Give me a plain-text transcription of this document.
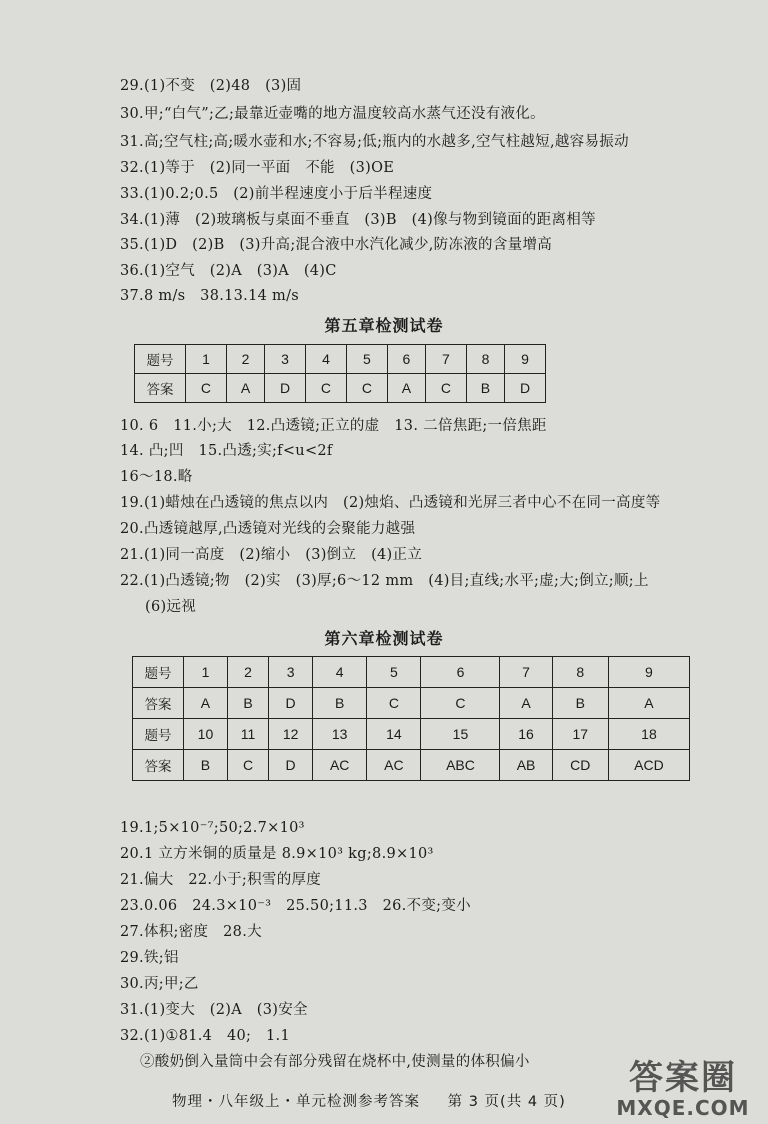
29.(1)不变　(2)48　(3)固
30.甲;“白气”;乙;最靠近壶嘴的地方温度较高水蒸气还没有液化。
31.高;空气柱;高;暖水壶和水;不容易;低;瓶内的水越多,空气柱越短,越容易振动
32.(1)等于　(2)同一平面　不能　(3)OE
33.(1)0.2;0.5　(2)前半程速度小于后半程速度
34.(1)薄　(2)玻璃板与桌面不垂直　(3)B　(4)像与物到镜面的距离相等
35.(1)D　(2)B　(3)升高;混合液中水汽化减少,防冻液的含量增高
36.(1)空气　(2)A　(3)A　(4)C
37.8 m/s　38.13.14 m/s
第五章检测试卷
题号	1	2	3	4	5	6	7	8	9
答案	C	A	D	C	C	A	C	B	D
10. 6　11.小;大　12.凸透镜;正立的虚　13. 二倍焦距;一倍焦距
14. 凸;凹　15.凸透;实;f<u<2f
16～18.略
19.(1)蜡烛在凸透镜的焦点以内　(2)烛焰、凸透镜和光屏三者中心不在同一高度等
20.凸透镜越厚,凸透镜对光线的会聚能力越强
21.(1)同一高度　(2)缩小　(3)倒立　(4)正立
22.(1)凸透镜;物　(2)实　(3)厚;6～12 mm　(4)目;直线;水平;虚;大;倒立;顺;上
(6)远视
第六章检测试卷
题号	1	2	3	4	5	6	7	8	9
答案	A	B	D	B	C	C	A	B	A
题号	10	11	12	13	14	15	16	17	18
答案	B	C	D	AC	AC	ABC	AB	CD	ACD
19.1;5×10⁻⁷;50;2.7×10³
20.1 立方米铜的质量是 8.9×10³ kg;8.9×10³
21.偏大　22.小于;积雪的厚度
23.0.06　24.3×10⁻³　25.50;11.3　26.不变;变小
27.体积;密度　28.大
29.铁;铝
30.丙;甲;乙
31.(1)变大　(2)A　(3)安全
32.(1)①81.4　40;　1.1
②酸奶倒入量筒中会有部分残留在烧杯中,使测量的体积偏小
物理・八年级上・单元检测参考答案 第 3 页(共 4 页)
答案圈
MXQE.COM
